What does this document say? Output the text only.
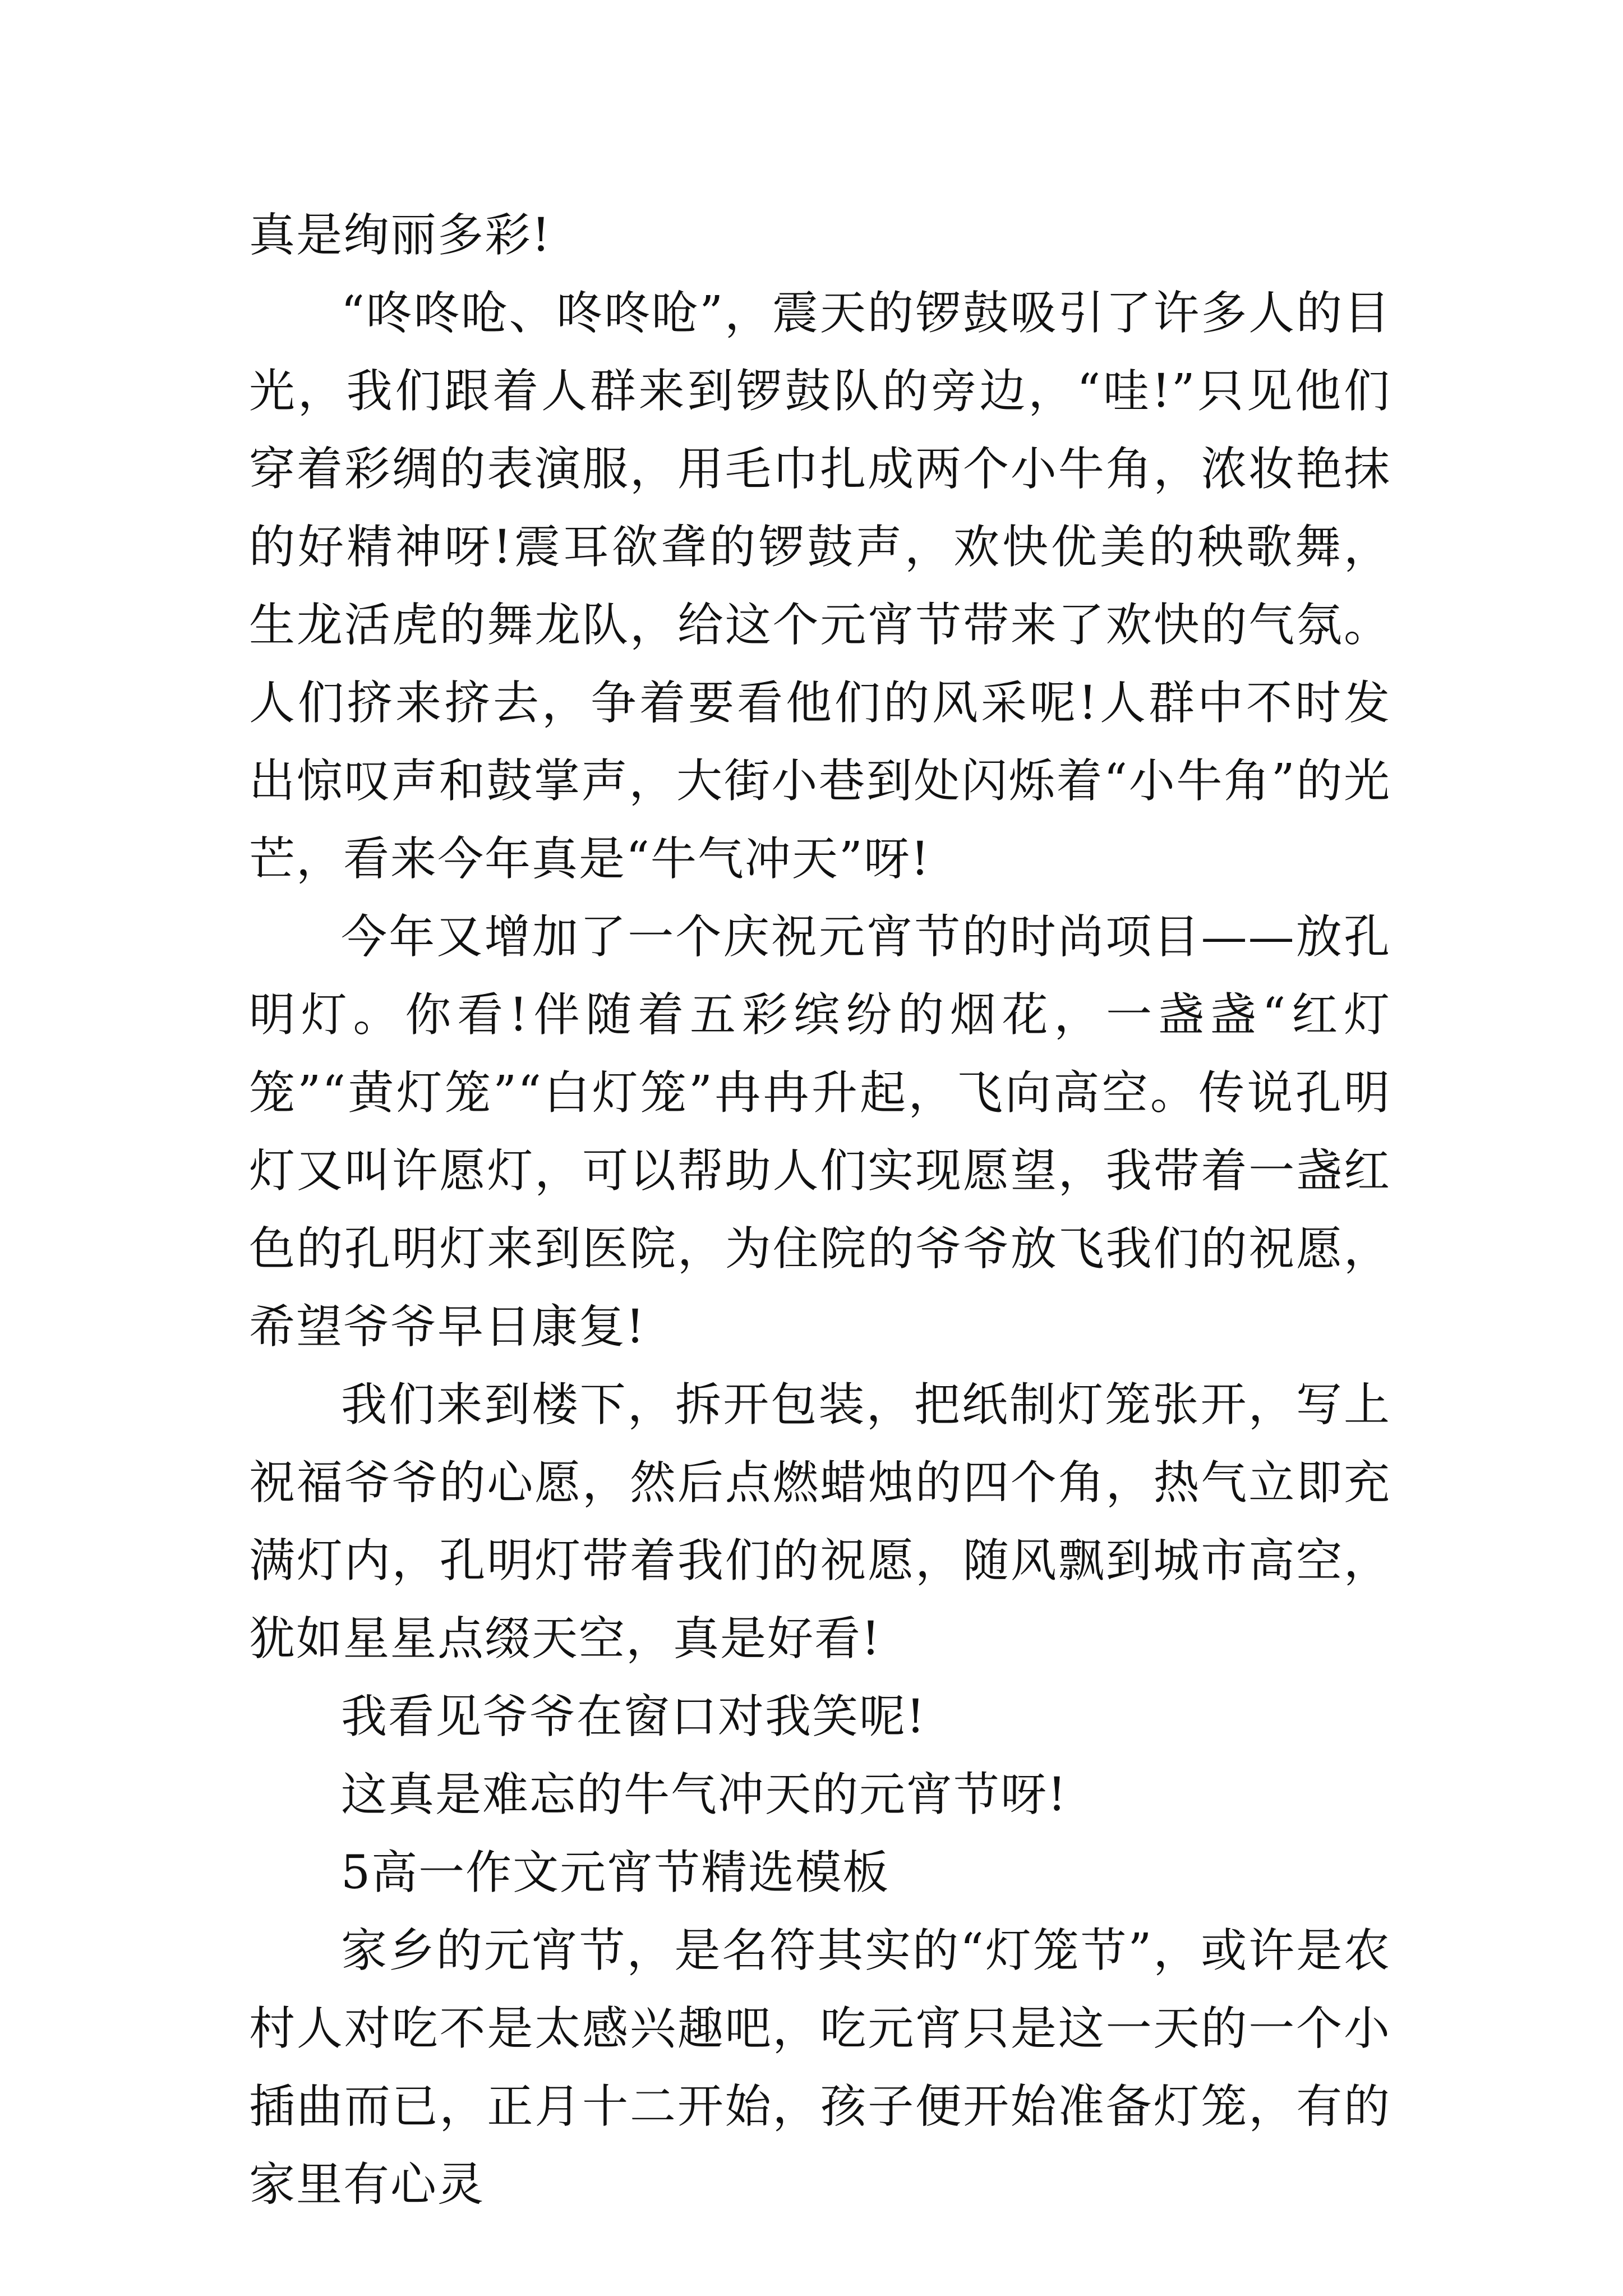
真是绚丽多彩!

“咚咚呛、咚咚呛”，震天的锣鼓吸引了许多人的目光，我们跟着人群来到锣鼓队的旁边，“哇!”只见他们穿着彩绸的表演服，用毛巾扎成两个小牛角，浓妆艳抹的好精神呀!震耳欲聋的锣鼓声，欢快优美的秧歌舞，生龙活虎的舞龙队，给这个元宵节带来了欢快的气氛。人们挤来挤去，争着要看他们的风采呢!人群中不时发出惊叹声和鼓掌声，大街小巷到处闪烁着“小牛角”的光芒，看来今年真是“牛气冲天”呀!

今年又增加了一个庆祝元宵节的时尚项目——放孔明灯。你看!伴随着五彩缤纷的烟花，一盏盏“红灯笼”“黄灯笼”“白灯笼”冉冉升起，飞向高空。传说孔明灯又叫许愿灯，可以帮助人们实现愿望，我带着一盏红色的孔明灯来到医院，为住院的爷爷放飞我们的祝愿，希望爷爷早日康复!

我们来到楼下，拆开包装，把纸制灯笼张开，写上祝福爷爷的心愿，然后点燃蜡烛的四个角，热气立即充满灯内，孔明灯带着我们的祝愿，随风飘到城市高空，犹如星星点缀天空，真是好看!

我看见爷爷在窗口对我笑呢!

这真是难忘的牛气冲天的元宵节呀!

5高一作文元宵节精选模板

家乡的元宵节，是名符其实的“灯笼节”，或许是农村人对吃不是太感兴趣吧，吃元宵只是这一天的一个小插曲而已，正月十二开始，孩子便开始准备灯笼，有的家里有心灵
